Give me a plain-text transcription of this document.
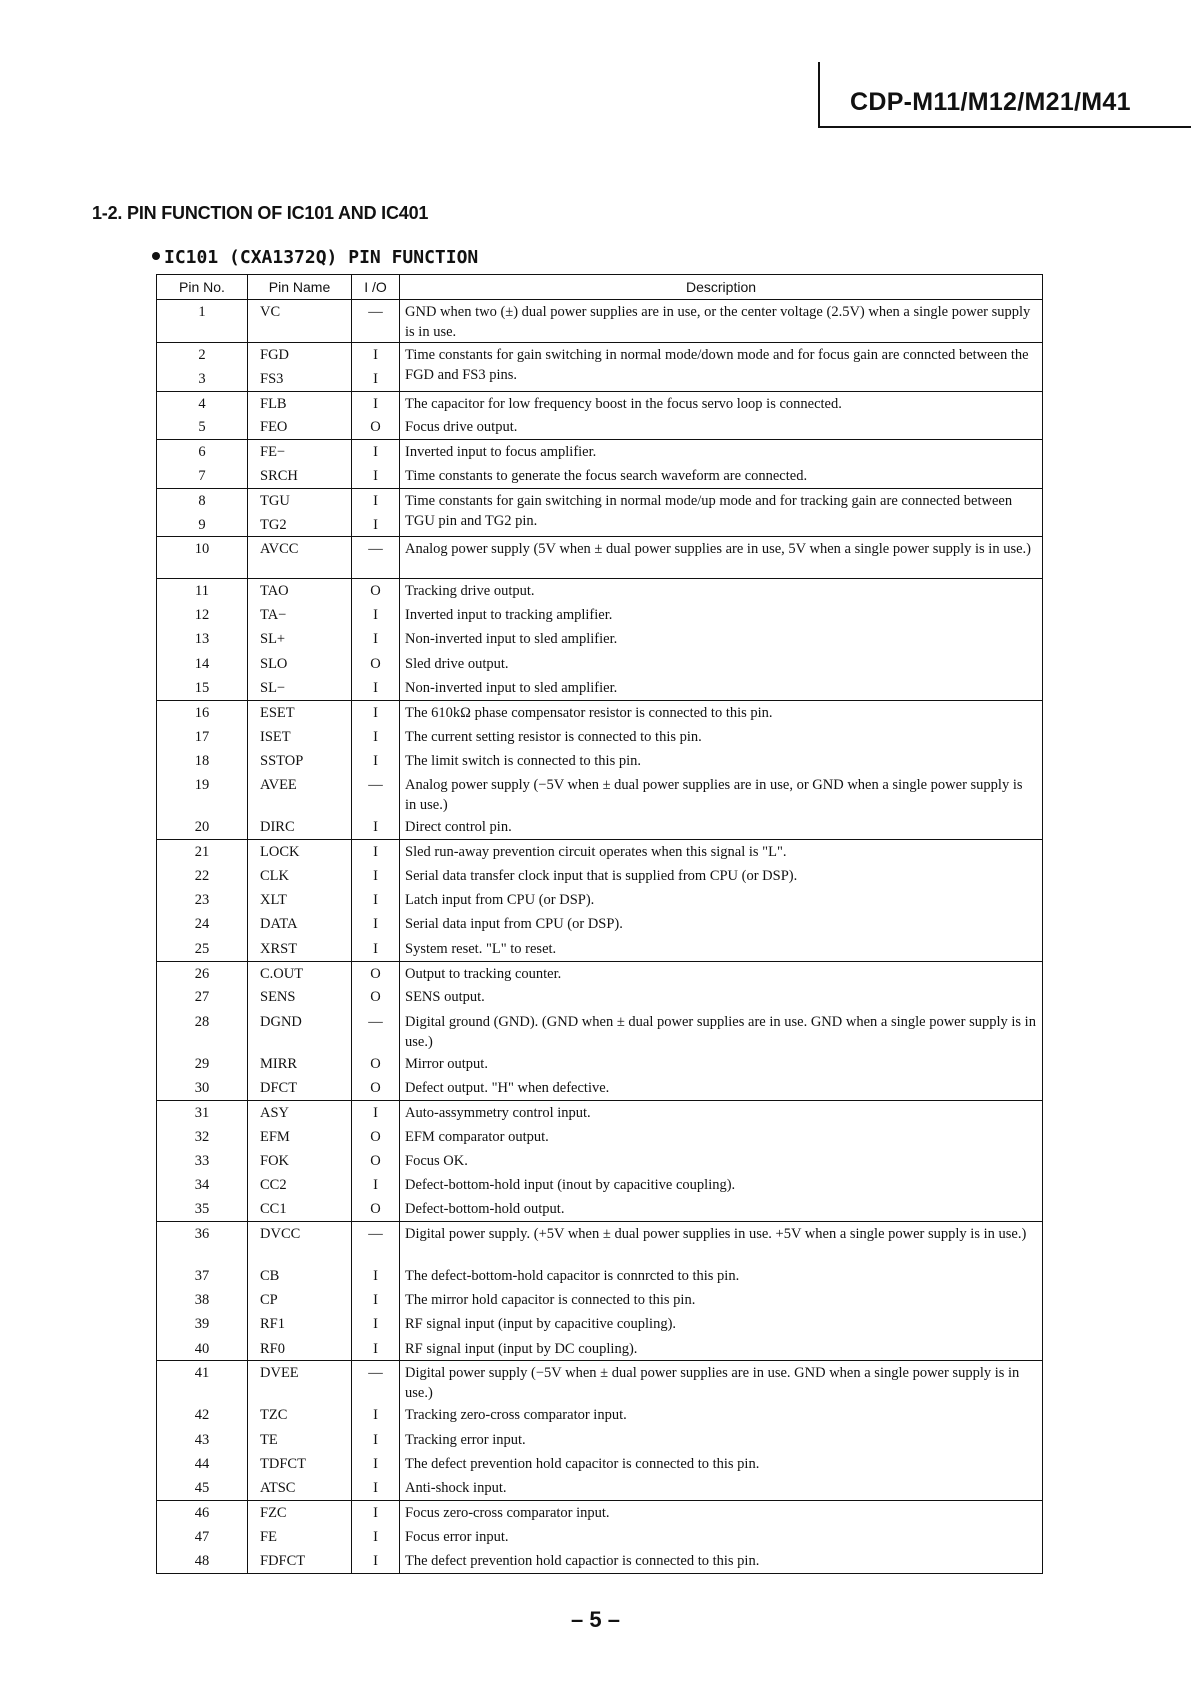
CDP-M11/M12/M21/M41
1-2. PIN FUNCTION OF IC101 AND IC401
IC101 (CXA1372Q) PIN FUNCTION
Pin No.	Pin Name	I /O	Description
1	VC	—	GND when two (±) dual power supplies are in use, or the center voltage (2.5V) when a single power supply is in use.
2	FGD	I	Time constants for gain switching in normal mode/down mode and for focus gain are conncted between the FGD and FS3 pins.
3	FS3	I	
4	FLB	I	The capacitor for low frequency boost in the focus servo loop is connected.
5	FEO	O	Focus drive output.
6	FE−	I	Inverted input to focus amplifier.
7	SRCH	I	Time constants to generate the focus search waveform are connected.
8	TGU	I	Time constants for gain switching in normal mode/up mode and for tracking gain are connected between TGU pin and TG2 pin.
9	TG2	I	
10	AVCC	—	Analog power supply (5V when ± dual power supplies are in use, 5V when a single power supply is in use.)
11	TAO	O	Tracking drive output.
12	TA−	I	Inverted input to tracking amplifier.
13	SL+	I	Non-inverted input to sled amplifier.
14	SLO	O	Sled drive output.
15	SL−	I	Non-inverted input to sled amplifier.
16	ESET	I	The 610kΩ phase compensator resistor is connected to this pin.
17	ISET	I	The current setting resistor is connected to this pin.
18	SSTOP	I	The limit switch is connected to this pin.
19	AVEE	—	Analog power supply (−5V when ± dual power supplies are in use, or GND when a single power supply is in use.)
20	DIRC	I	Direct control pin.
21	LOCK	I	Sled run-away prevention circuit operates when this signal is "L".
22	CLK	I	Serial data transfer clock input that is supplied from CPU (or DSP).
23	XLT	I	Latch input from CPU (or DSP).
24	DATA	I	Serial data input from CPU (or DSP).
25	XRST	I	System reset. "L" to reset.
26	C.OUT	O	Output to tracking counter.
27	SENS	O	SENS output.
28	DGND	—	Digital ground (GND). (GND when ± dual power supplies are in use. GND when a single power supply is in use.)
29	MIRR	O	Mirror output.
30	DFCT	O	Defect output. "H" when defective.
31	ASY	I	Auto-assymmetry control input.
32	EFM	O	EFM comparator output.
33	FOK	O	Focus OK.
34	CC2	I	Defect-bottom-hold input (inout by capacitive coupling).
35	CC1	O	Defect-bottom-hold output.
36	DVCC	—	Digital power supply. (+5V when ± dual power supplies in use. +5V when a single power supply is in use.)
37	CB	I	The defect-bottom-hold capacitor is connrcted to this pin.
38	CP	I	The mirror hold capacitor is connected to this pin.
39	RF1	I	RF signal input (input by capacitive coupling).
40	RF0	I	RF signal input (input by DC coupling).
41	DVEE	—	Digital power supply (−5V when ± dual power supplies are in use. GND when a single power supply is in use.)
42	TZC	I	Tracking zero-cross comparator input.
43	TE	I	Tracking error input.
44	TDFCT	I	The defect prevention hold capacitor is connected to this pin.
45	ATSC	I	Anti-shock input.
46	FZC	I	Focus zero-cross comparator input.
47	FE	I	Focus error input.
48	FDFCT	I	The defect prevention hold capactior is connected to this pin.
– 5 –
